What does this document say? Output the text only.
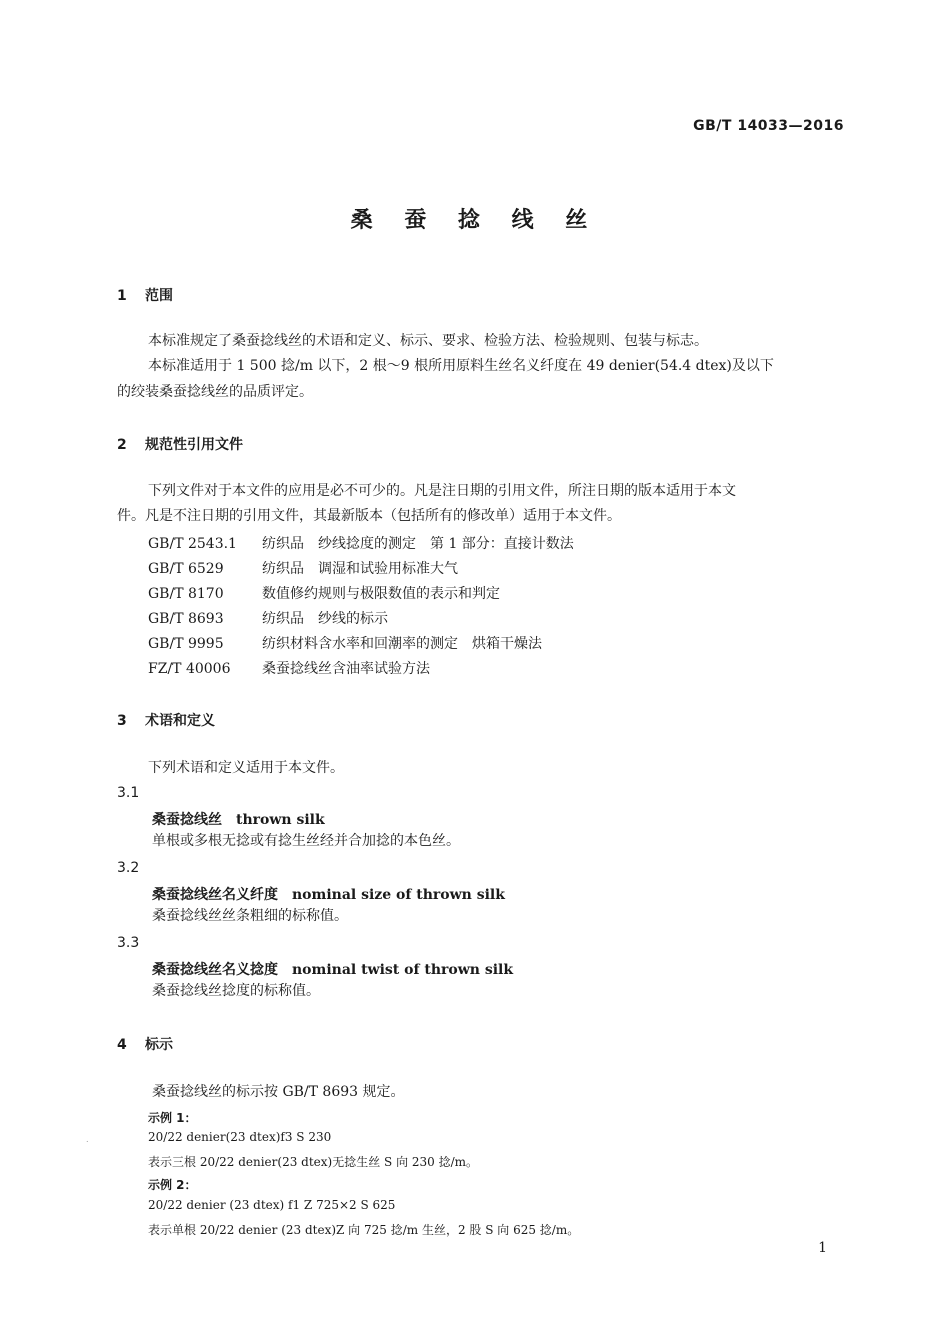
GB/T 14033—2016
桑 蚕 捻 线 丝
1 范围
本标准规定了桑蚕捻线丝的术语和定义、标示、要求、检验方法、检验规则、包装与标志。
本标准适用于 1 500 捻/m 以下，2 根～9 根所用原料生丝名义纤度在 49 denier(54.4 dtex)及以下
的绞装桑蚕捻线丝的品质评定。
2 规范性引用文件
下列文件对于本文件的应用是必不可少的。凡是注日期的引用文件，所注日期的版本适用于本文
件。凡是不注日期的引用文件，其最新版本（包括所有的修改单）适用于本文件。
GB/T 2543.1 纺织品　纱线捻度的测定　第 1 部分：直接计数法
GB/T 6529	纺织品　调湿和试验用标准大气
GB/T 8170	数值修约规则与极限数值的表示和判定
GB/T 8693	纺织品　纱线的标示
GB/T 9995	纺织材料含水率和回潮率的测定　烘箱干燥法
FZ/T 40006 桑蚕捻线丝含油率试验方法
3 术语和定义
下列术语和定义适用于本文件。
3.1
桑蚕捻线丝 thrown silk
单根或多根无捻或有捻生丝经并合加捻的本色丝。
3.2
桑蚕捻线丝名义纤度 nominal size of thrown silk
桑蚕捻线丝丝条粗细的标称值。
3.3
桑蚕捻线丝名义捻度 nominal twist of thrown silk
桑蚕捻线丝捻度的标称值。
4 标示
桑蚕捻线丝的标示按 GB/T 8693 规定。
示例 1：
20/22 denier(23 dtex)f3 S 230
表示三根 20/22 denier(23 dtex)无捻生丝 S 向 230 捻/m。
示例 2：
20/22 denier (23 dtex) f1 Z 725×2 S 625
表示单根 20/22 denier (23 dtex)Z 向 725 捻/m 生丝，2 股 S 向 625 捻/m。
.
1
